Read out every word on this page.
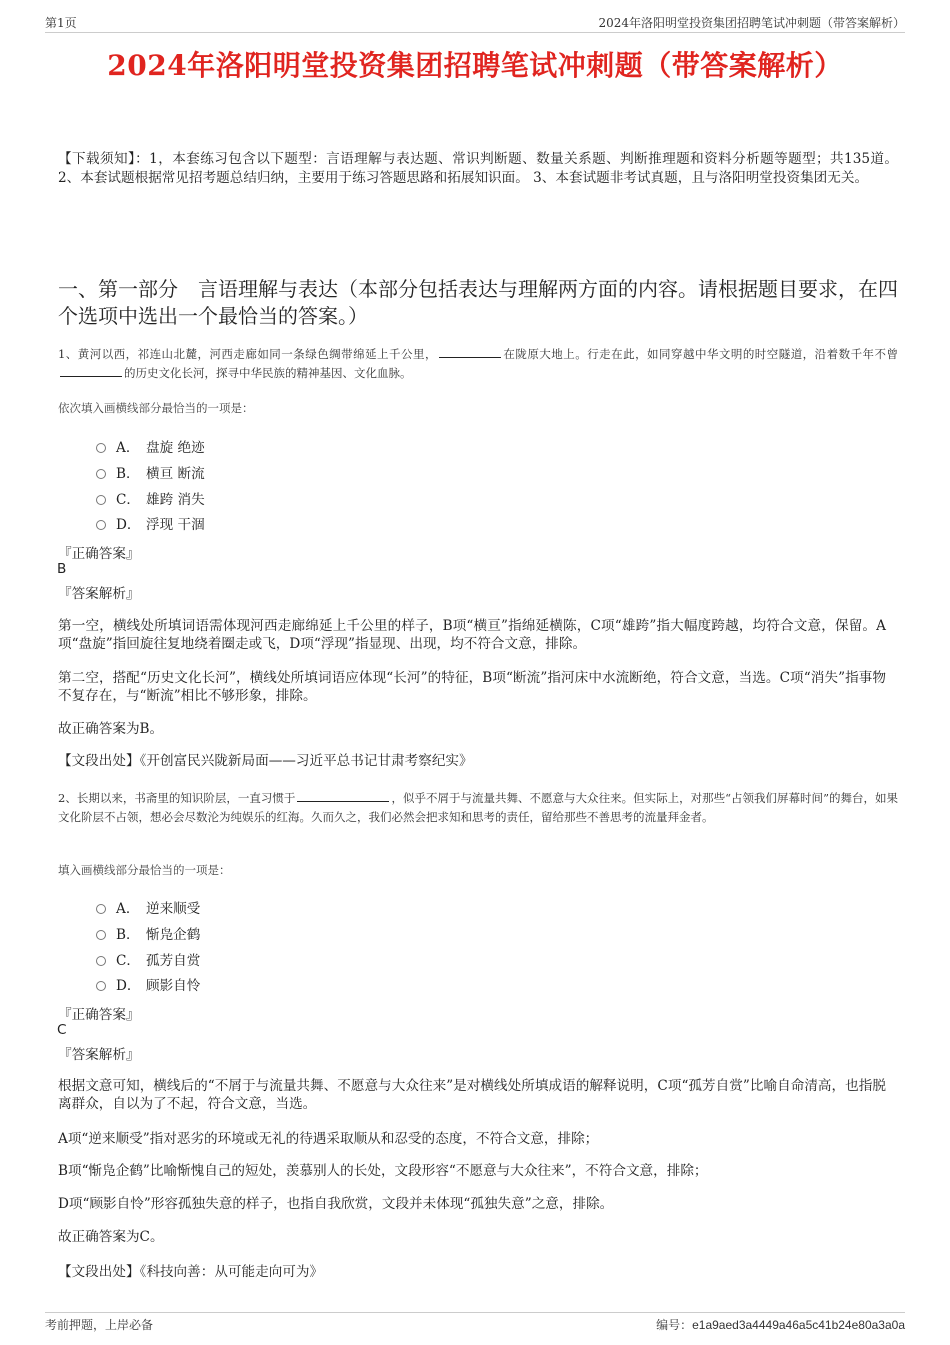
第1页	2024年洛阳明堂投资集团招聘笔试冲刺题（带答案解析）
2024年洛阳明堂投资集团招聘笔试冲刺题（带答案解析）
【下载须知】：1，本套练习包含以下题型：言语理解与表达题、常识判断题、数量关系题、判断推理题和资料分析题等题型；共135道。 2、本套试题根据常见招考题总结归纳，主要用于练习答题思路和拓展知识面。 3、本套试题非考试真题，且与洛阳明堂投资集团无关。
一、第一部分　言语理解与表达（本部分包括表达与理解两方面的内容。请根据题目要求，在四个选项中选出一个最恰当的答案。）
1、黄河以西，祁连山北麓，河西走廊如同一条绿色绸带绵延上千公里，	在陇原大地上。行走在此，如同穿越中华文明的时空隧道，沿着数千年不曾的历史文化长河，探寻中华民族的精神基因、文化血脉。
依次填入画横线部分最恰当的一项是：
A． 盘旋 绝迹
B． 横亘 断流
C． 雄跨 消失
D． 浮现 干涸
『正确答案』
B
『答案解析』
第一空，横线处所填词语需体现河西走廊绵延上千公里的样子，B项“横亘”指绵延横陈，C项“雄跨”指大幅度跨越，均符合文意，保留。A项“盘旋”指回旋往复地绕着圈走或飞，D项“浮现”指显现、出现，均不符合文意，排除。
第二空，搭配“历史文化长河”，横线处所填词语应体现“长河”的特征，B项“断流”指河床中水流断绝，符合文意，当选。C项“消失”指事物不复存在，与“断流”相比不够形象，排除。
故正确答案为B。
【文段出处】《开创富民兴陇新局面——习近平总书记甘肃考察纪实》
2、长期以来，书斋里的知识阶层，一直习惯于	，似乎不屑于与流量共舞、不愿意与大众往来。但实际上，对那些“占领我们屏幕时间”的舞台，如果文化阶层不占领，想必会尽数沦为纯娱乐的红海。久而久之，我们必然会把求知和思考的责任，留给那些不善思考的流量拜金者。
填入画横线部分最恰当的一项是：
A． 逆来顺受
B． 惭凫企鹤
C． 孤芳自赏
D． 顾影自怜
『正确答案』
C
『答案解析』
根据文意可知，横线后的“不屑于与流量共舞、不愿意与大众往来”是对横线处所填成语的解释说明，C项“孤芳自赏”比喻自命清高，也指脱离群众，自以为了不起，符合文意，当选。
A项“逆来顺受”指对恶劣的环境或无礼的待遇采取顺从和忍受的态度，不符合文意，排除；
B项“惭凫企鹤”比喻惭愧自己的短处，羡慕别人的长处，文段形容“不愿意与大众往来”，不符合文意，排除；
D项“顾影自怜”形容孤独失意的样子，也指自我欣赏，文段并未体现“孤独失意”之意，排除。
故正确答案为C。
【文段出处】《科技向善：从可能走向可为》
考前押题，上岸必备	编号：e1a9aed3a4449a46a5c41b24e80a3a0a
